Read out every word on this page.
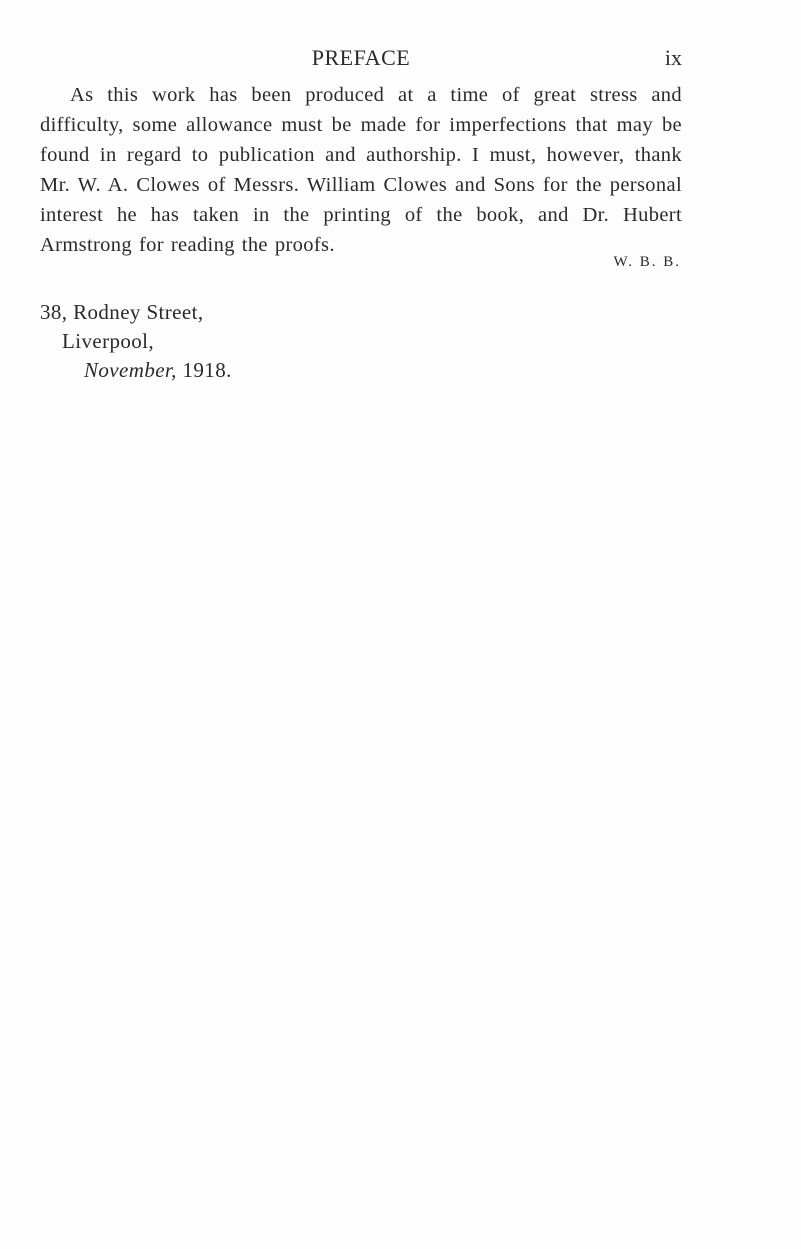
PREFACE	ix

As this work has been produced at a time of great stress and difficulty, some allowance must be made for imperfections that may be found in regard to publication and authorship. I must, however, thank Mr. W. A. Clowes of Messrs. William Clowes and Sons for the personal interest he has taken in the printing of the book, and Dr. Hubert Armstrong for reading the proofs.

W. B. B.
38, Rodney Street,
Liverpool,
November, 1918.
